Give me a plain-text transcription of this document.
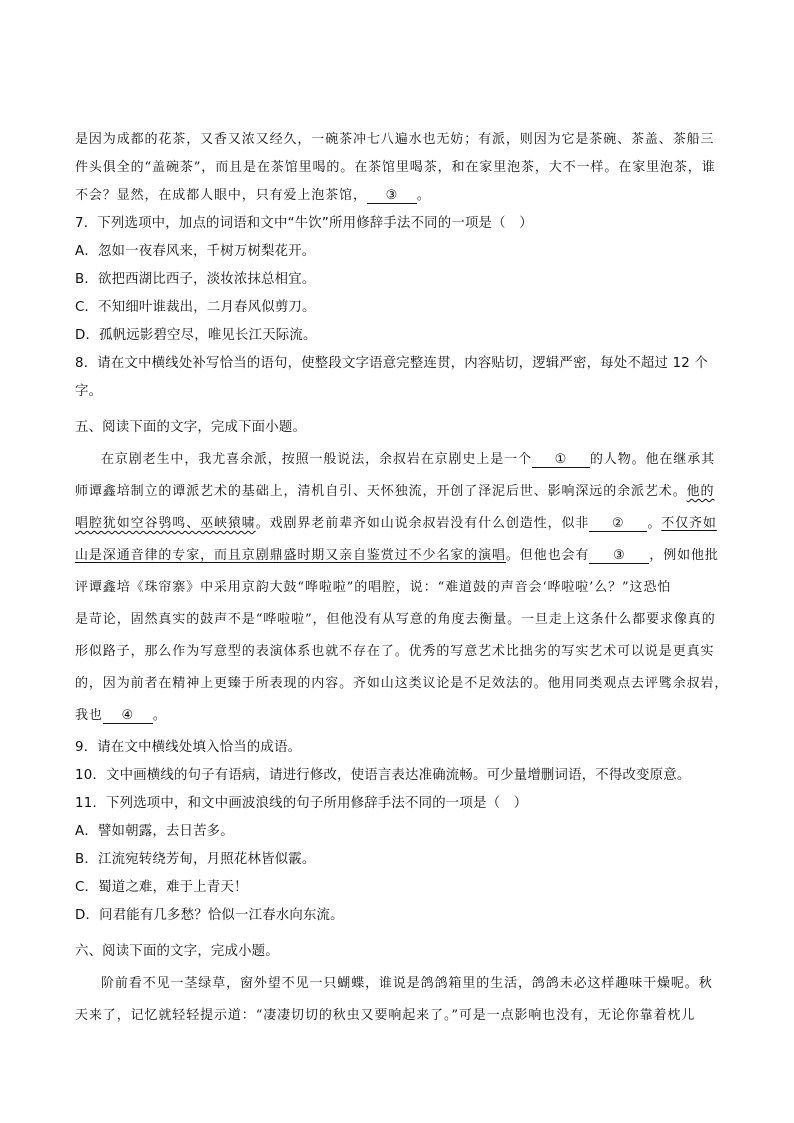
是因为成都的花茶，又香又浓又经久，一碗茶冲七八遍水也无妨；有派，则因为它是茶碗、茶盖、茶船三

件头俱全的“盖碗茶”，而且是在茶馆里喝的。在茶馆里喝茶，和在家里泡茶，大不一样。在家里泡茶，谁

不会？显然，在成都人眼中，只有爱上泡茶馆， ③ 。

7．下列选项中，加点的词语和文中“牛饮”所用修辞手法不同的一项是（　）

A．忽如一夜春风来，千树万树梨花开。

B．欲把西湖比西子，淡妆浓抹总相宜。

C．不知细叶谁裁出，二月春风似剪刀。

D．孤帆远影碧空尽，唯见长江天际流。

8．请在文中横线处补写恰当的语句，使整段文字语意完整连贯，内容贴切，逻辑严密，每处不超过 12 个

字。

五、阅读下面的文字，完成下面小题。

在京剧老生中，我尤喜余派，按照一般说法，余叔岩在京剧史上是一个 ① 的人物。他在继承其

师谭鑫培制立的谭派艺术的基础上，清机自引、天怀独流，开创了泽泥后世、影响深远的余派艺术。他的

唱腔犹如空谷鸮鸣、巫峡猿啸。戏剧界老前辈齐如山说余叔岩没有什么创造性，似非 ② 。不仅齐如

山是深通音律的专家，而且京剧鼎盛时期又亲自鉴赏过不少名家的演唱。但他也会有 ③ ，例如他批

评谭鑫培《珠帘寨》中采用京韵大鼓“哗啦啦”的唱腔，说：“难道鼓的声音会‘哗啦啦’么？”这恐怕

是苛论，固然真实的鼓声不是“哗啦啦”，但他没有从写意的角度去衡量。一旦走上这条什么都要求像真的

形似路子，那么作为写意型的表演体系也就不存在了。优秀的写意艺术比拙劣的写实艺术可以说是更真实

的，因为前者在精神上更臻于所表现的内容。齐如山这类议论是不足效法的。他用同类观点去评骘余叔岩，

我也 ④ 。

9．请在文中横线处填入恰当的成语。

10．文中画横线的句子有语病，请进行修改，使语言表达准确流畅。可少量增删词语，不得改变原意。

11．下列选项中，和文中画波浪线的句子所用修辞手法不同的一项是（　）

A．譬如朝露，去日苦多。

B．江流宛转绕芳甸，月照花林皆似霰。

C．蜀道之难，难于上青天！

D．问君能有几多愁？恰似一江春水向东流。

六、阅读下面的文字，完成小题。

阶前看不见一茎绿草，窗外望不见一只蝴蝶，谁说是鸽鸽箱里的生活，鸽鸽未必这样趣味干燥呢。秋

天来了，记忆就轻轻提示道：“凄凄切切的秋虫又要响起来了。”可是一点影响也没有，无论你靠着枕儿
